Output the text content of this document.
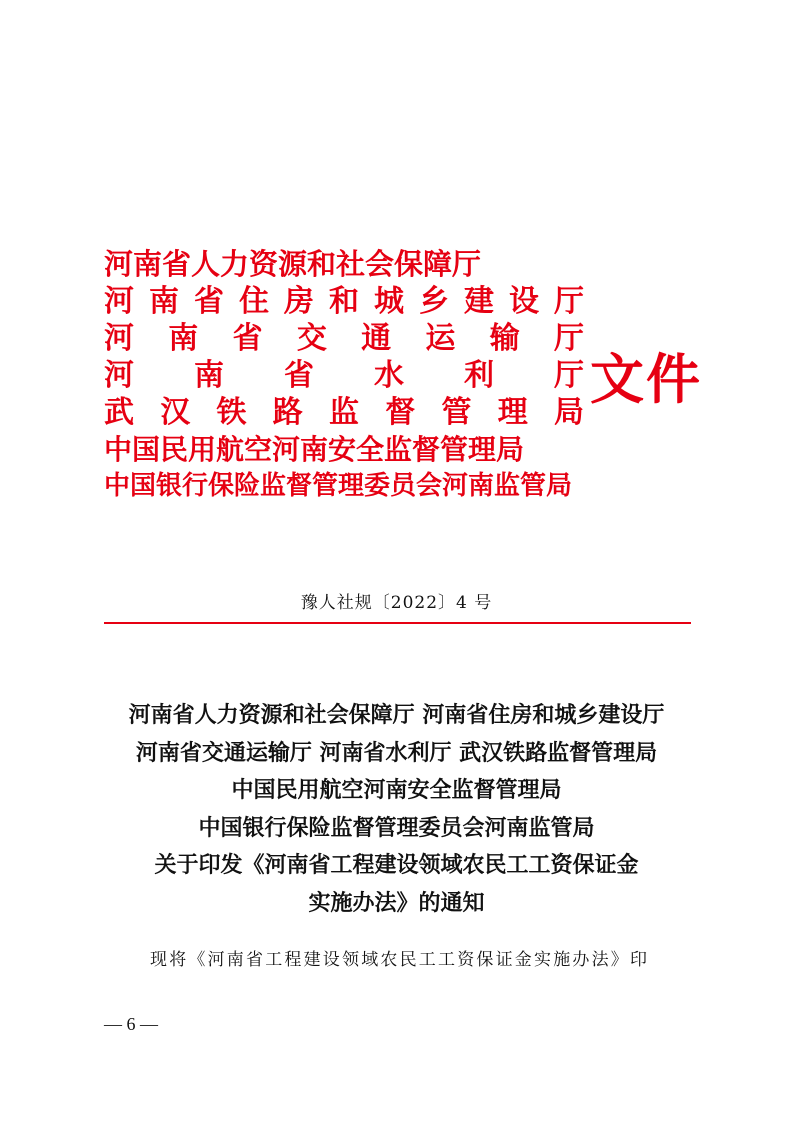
河南省人力资源和社会保障厅
河 南 省 住 房 和 城 乡 建 设 厅
河 南 省 交 通 运 输 厅
河 南 省 水 利 厅
武 汉 铁 路 监 督 管 理 局
中国民用航空河南安全监督管理局
中国银行保险监督管理委员会河南监管局
文件
豫人社规〔2022〕4 号
河南省人力资源和社会保障厅 河南省住房和城乡建设厅
河南省交通运输厅 河南省水利厅 武汉铁路监督管理局
中国民用航空河南安全监督管理局
中国银行保险监督管理委员会河南监管局
关于印发《河南省工程建设领域农民工工资保证金
实施办法》的通知
现将《河南省工程建设领域农民工工资保证金实施办法》印
— 6 —
